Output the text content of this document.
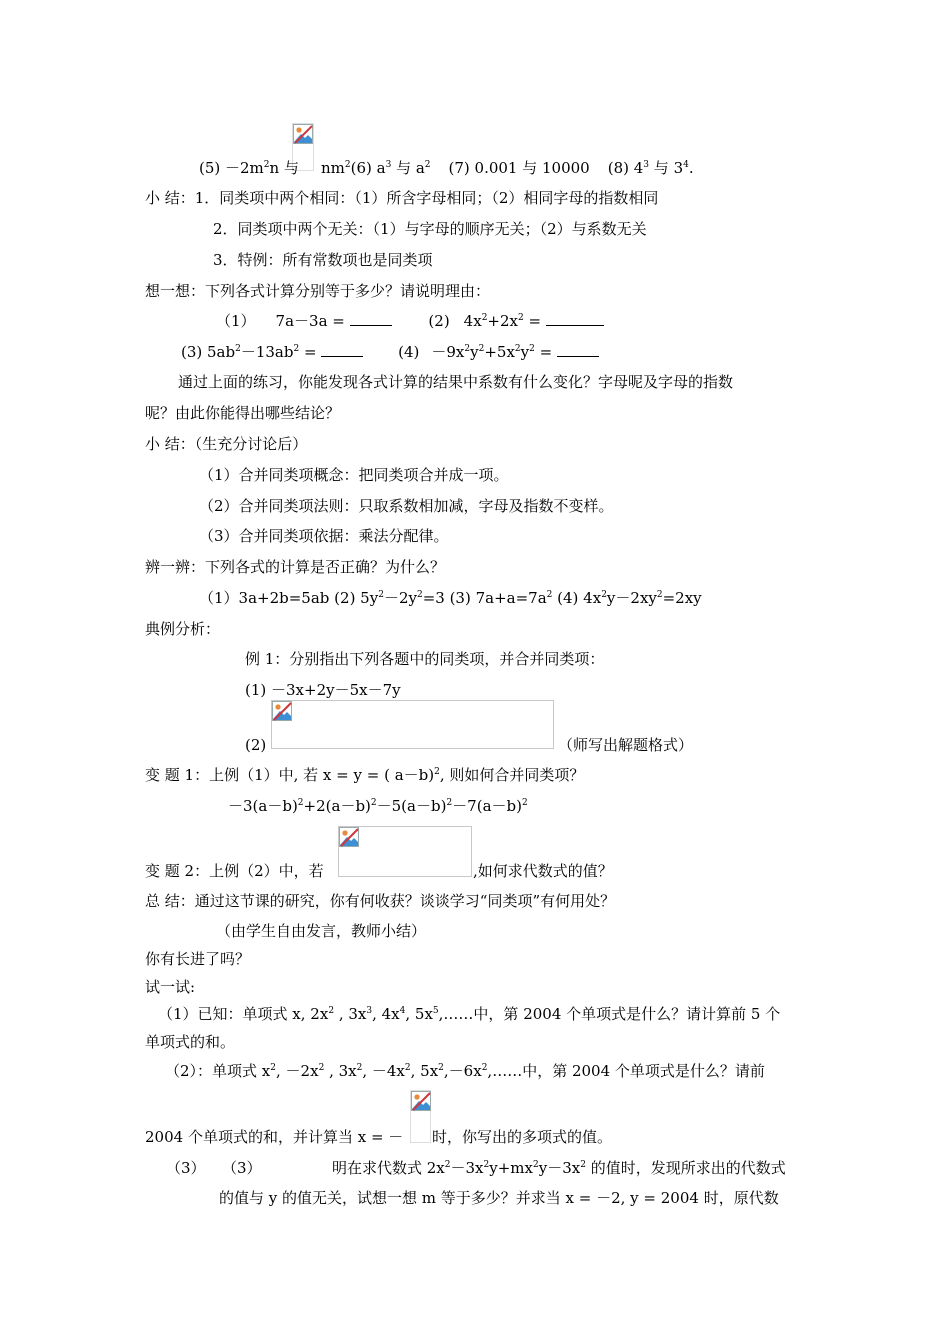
$(5) -2m^2n$ 与 $nm^2(6)$ $a^3$ 与 $a^2$ (7) 0.001 与 10000 (8) $4^3$ 与 $3^4$.
小 结：1．同类项中两个相同：（1）所含字母相同；（2）相同字母的指数相同
2．同类项中两个无关：（1）与字母的顺序无关；（2）与系数无关
3．特例：所有常数项也是同类项
想一想：下列各式计算分别等于多少？请说明理由：
（1） 7a－3a =	(2) $4x^2+2x^2$ =
(3) $5ab^2-13ab^2$ =	$(4) -9x^2y^2+5x^2y^2$ =
通过上面的练习，你能发现各式计算的结果中系数有什么变化？字母呢及字母的指数
呢？由此你能得出哪些结论？
小 结：（生充分讨论后）
（1）合并同类项概念：把同类项合并成一项。
（2）合并同类项法则：只取系数相加减，字母及指数不变样。
（3）合并同类项依据：乘法分配律。
辨一辨：下列各式的计算是否正确？为什么？
（1）3a+2b=5ab (2) $5y^2-2y^2=3$ (3) $7a+a=7a^2$ (4) $4x^2y-2xy^2=2xy$
典例分析：
例 1：分别指出下列各题中的同类项，并合并同类项：
(1) －3x+2y－5x－7y
(2)	（师写出解题格式）
变 题 1：上例（1）中, 若 x = y = ( a－b)$^2$, 则如何合并同类项？
$-3(a-b)^2+2(a-b)^2-5(a-b)^2-7(a-b)^2$
变 题 2：上例（2）中，若	,如何求代数式的值？
总 结：通过这节课的研究，你有何收获？谈谈学习“同类项”有何用处？
（由学生自由发言，教师小结）
你有长进了吗？
试一试:
（1）已知：单项式 x, $2x^2$ , $3x^3$, $4x^4$, $5x^5,\dots\dots$中，第 2004 个单项式是什么？请计算前 5 个
单项式的和。
（2）：单项式 $x^2$, $-2x^2$ , $3x^2$, $-4x^2$, $5x^2,-6x^2,\dots\dots$中，第 2004 个单项式是什么？请前
2004 个单项式的和，并计算当 x = － 时，你写出的多项式的值。
（3） （3）	明在求代数式 $2x^2-3x^2y+mx^2y-3x^2$ 的值时，发现所求出的代数式
的值与 y 的值无关，试想一想 m 等于多少？并求当 x = －2, y = 2004 时，原代数
